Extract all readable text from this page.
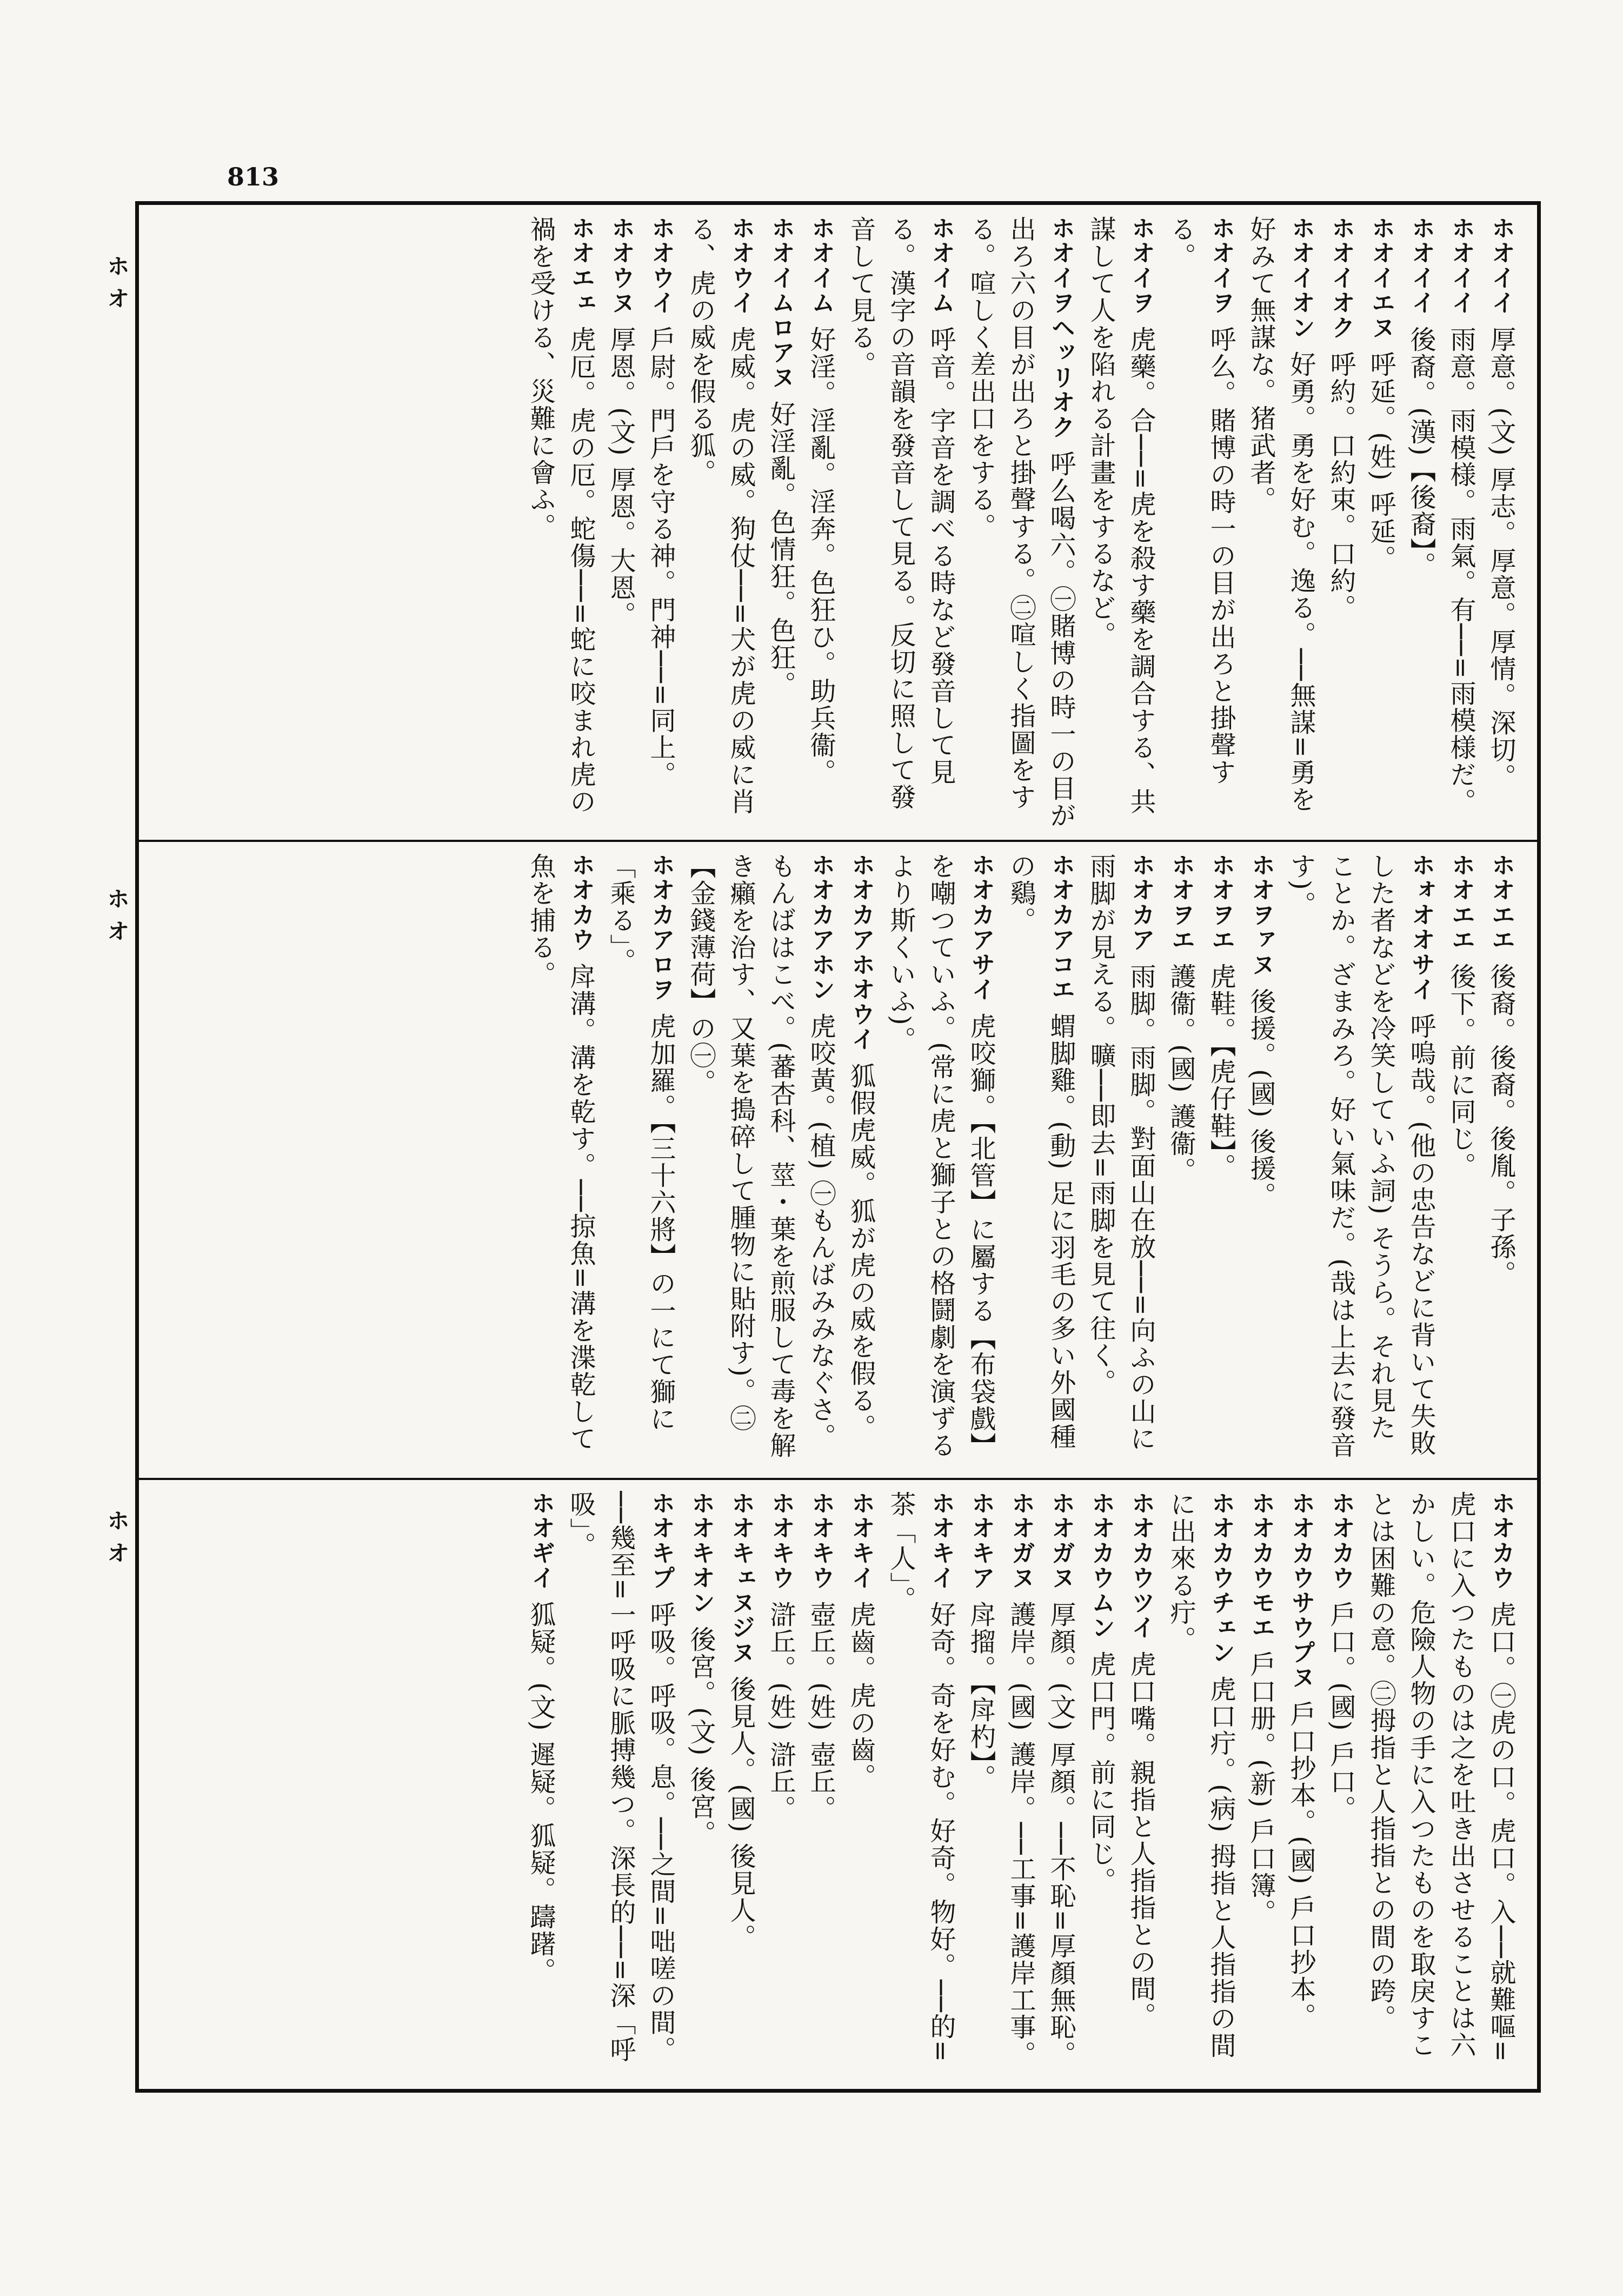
813
ホオ
ホオ
ホオ
ホオイイ厚意。(文) 厚志。厚意。厚情。深切。
ホオイイ雨意。雨模様。雨氣。有──=雨模様だ。
ホオイイ後裔。(漢)【後裔】。
ホオイエヌ呼延。(姓) 呼延。
ホオイオク呼約。口約束。口約。
ホオイオン好勇。勇を好む。逸る。──無謀=勇を好みて無謀な。猪武者。
ホオイヲ呼么。賭博の時一の目が出ろと掛聲する。
ホオイヲ虎藥。合──=虎を殺す藥を調合する、共謀して人を陷れる計畫をするなど。
ホオイヲヘッリオク呼么喝六。㊀賭博の時一の目が出ろ六の目が出ろと掛聲する。㊁喧しく指圖をする。喧しく差出口をする。
ホオイム呼音。字音を調べる時など發音して見る。漢字の音韻を發音して見る。反切に照して發音して見る。
ホオイム好淫。淫亂。淫奔。色狂ひ。助兵衞。
ホオイムロアヌ好淫亂。色情狂。色狂。
ホオウイ虎威。虎の威。狗仗──=犬が虎の威に肖る、虎の威を假る狐。
ホオウイ戶尉。門戶を守る神。門神──=同上。
ホオウヌ厚恩。(文) 厚恩。大恩。
ホオエェ虎厄。虎の厄。蛇傷──=蛇に咬まれ虎の禍を受ける、災難に會ふ。
ホオエエ後裔。後裔。後胤。子孫。
ホオエエ後下。前に同じ。
ホォオオサイ呼嗚哉。(他の忠告などに背いて失敗した者などを冷笑していふ詞) そうら。それ見たことか。ざまみろ。好い氣味だ。(哉は上去に發音す)。
ホオヲァヌ後援。(國) 後援。
ホオヲエ虎鞋。【虎仔鞋】。
ホオヲエ護衞。(國) 護衞。
ホオカア雨脚。雨脚。對面山在放──=向ふの山に雨脚が見える。曠──即去=雨脚を見て往く。
ホオカアコエ蝟脚雞。(動) 足に羽毛の多い外國種の鷄。
ホオカアサイ虎咬獅。【北管】に屬する【布袋戲】を嘲つていふ。(常に虎と獅子との格鬪劇を演ずるより斯くいふ)。
ホオカアホオウイ狐假虎威。狐が虎の威を假る。
ホオカアホン虎咬黃。(植) ㊀もんばみみなぐさ。もんばはこべ。(蕃杏科、莖・葉を煎服して毒を解き癩を治す、又葉を搗碎して腫物に貼附す)。㊁【金錢薄荷】の㊀。
ホオカアロヲ虎加羅。【三十六將】の一にて獅に「乘る」。
ホオカウ戽溝。溝を乾す。──掠魚=溝を渫乾して魚を捕る。
ホオカウ虎口。㊀虎の口。虎口。入──就難嘔=虎口に入つたものは之を吐き出させることは六かしい。危險人物の手に入つたものを取戾すことは困難の意。㊁拇指と人指指との間の跨。
ホオカウ戶口。(國) 戶口。
ホオカウサウプヌ戶口抄本。(國) 戶口抄本。
ホオカウモエ戶口册。(新) 戶口簿。
ホオカウチェン虎口疔。(病) 拇指と人指指の間に出來る疔。
ホオカウツイ虎口嘴。親指と人指指との間。
ホオカウムン虎口門。前に同じ。
ホオガヌ厚顏。(文) 厚顏。──不恥=厚顏無恥。
ホオガヌ護岸。(國) 護岸。──工事=護岸工事。
ホオキア戽㨨。【戽杓】。
ホオキイ好奇。奇を好む。好奇。物好。──的=茶「人」。
ホオキイ虎齒。虎の齒。
ホオキウ壺丘。(姓) 壺丘。
ホオキウ滸丘。(姓) 滸丘。
ホオキェヌジヌ後見人。(國) 後見人。
ホオキオン後宮。(文) 後宮。
ホオキプ呼吸。呼吸。息。──之間=咄嗟の間。──幾至=一呼吸に脈搏幾つ。深長的──=深「呼吸」。
ホオギイ狐疑。(文) 遲疑。狐疑。躊躇。
